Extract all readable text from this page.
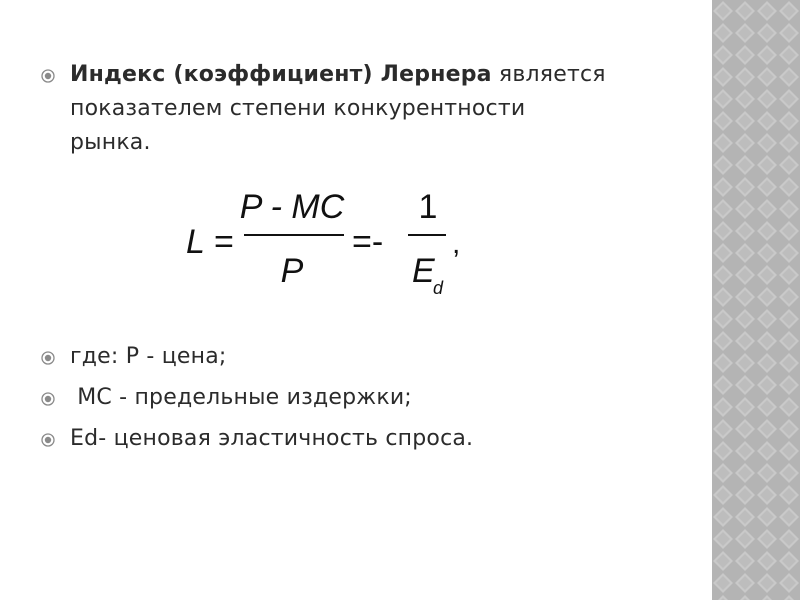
Индекс (коэффициент) Лернера является
показателем степени конкурентности
рынка.
L =
P - MC
P
=-
1
E
d
,
где: P - цена;
MC - предельные издержки;
Ed- ценовая эластичность спроса.
